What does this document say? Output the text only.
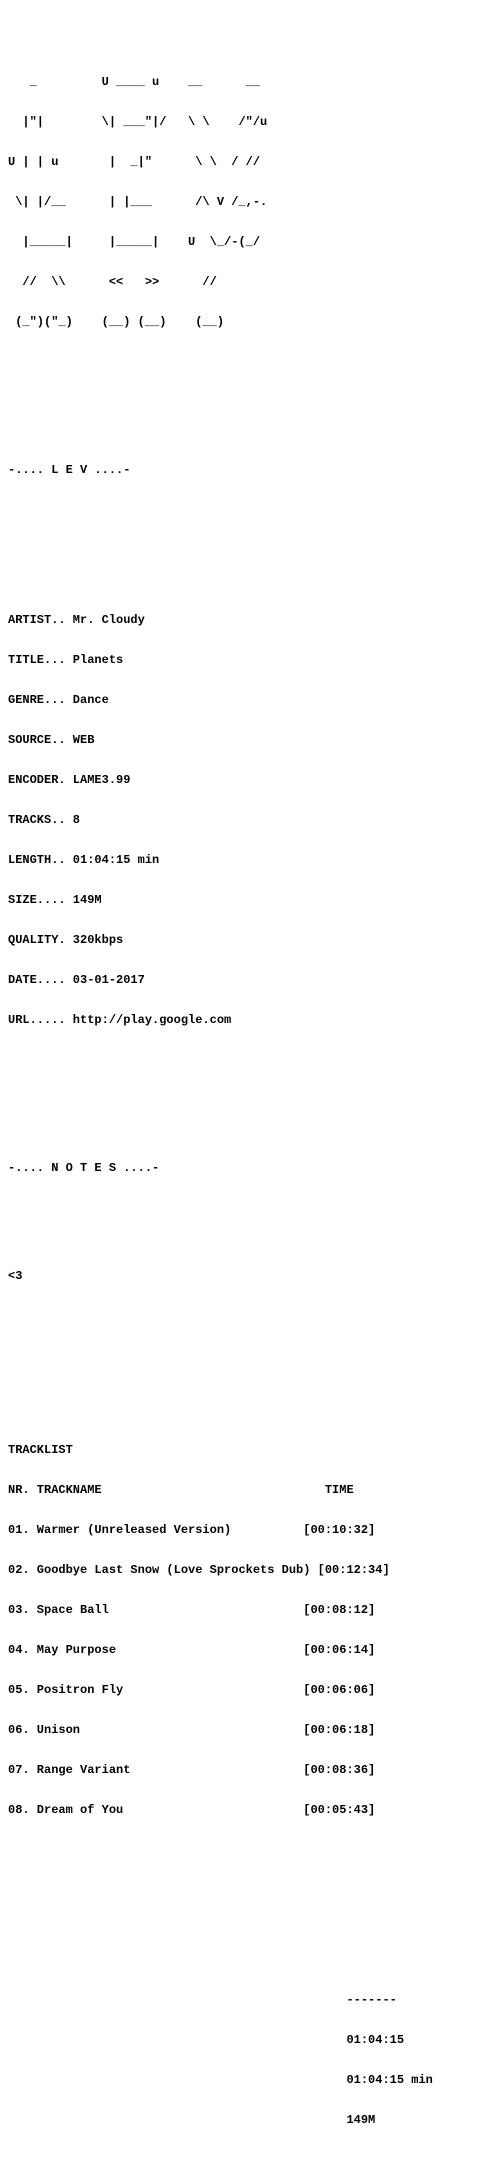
_         U ____ u    __      __

|"|        \| ___"|/   \ \    /"/u

U | | u       |  _|"      \ \  / //

\| |/__      | |___      /\ V /_,-.

|_____|     |_____|    U  \_/-(_/

//  \\      <<   >>      //

(_")("_)    (__) (__)    (__)

-.... L E V ....-

ARTIST.. Mr. Cloudy

TITLE... Planets

GENRE... Dance

SOURCE.. WEB

ENCODER. LAME3.99

TRACKS.. 8

LENGTH.. 01:04:15 min

SIZE.... 149M

QUALITY. 320kbps

DATE.... 03-01-2017

URL..... http://play.google.com

-.... N O T E S ....-

<3

TRACKLIST

NR. TRACKNAME                               TIME

01. Warmer (Unreleased Version)          [00:10:32]

02. Goodbye Last Snow (Love Sprockets Dub) [00:12:34]

03. Space Ball                           [00:08:12]

04. May Purpose                          [00:06:14]

05. Positron Fly                         [00:06:06]

06. Unison                               [00:06:18]

07. Range Variant                        [00:08:36]

08. Dream of You                         [00:05:43]

-------

01:04:15

01:04:15 min

149M
